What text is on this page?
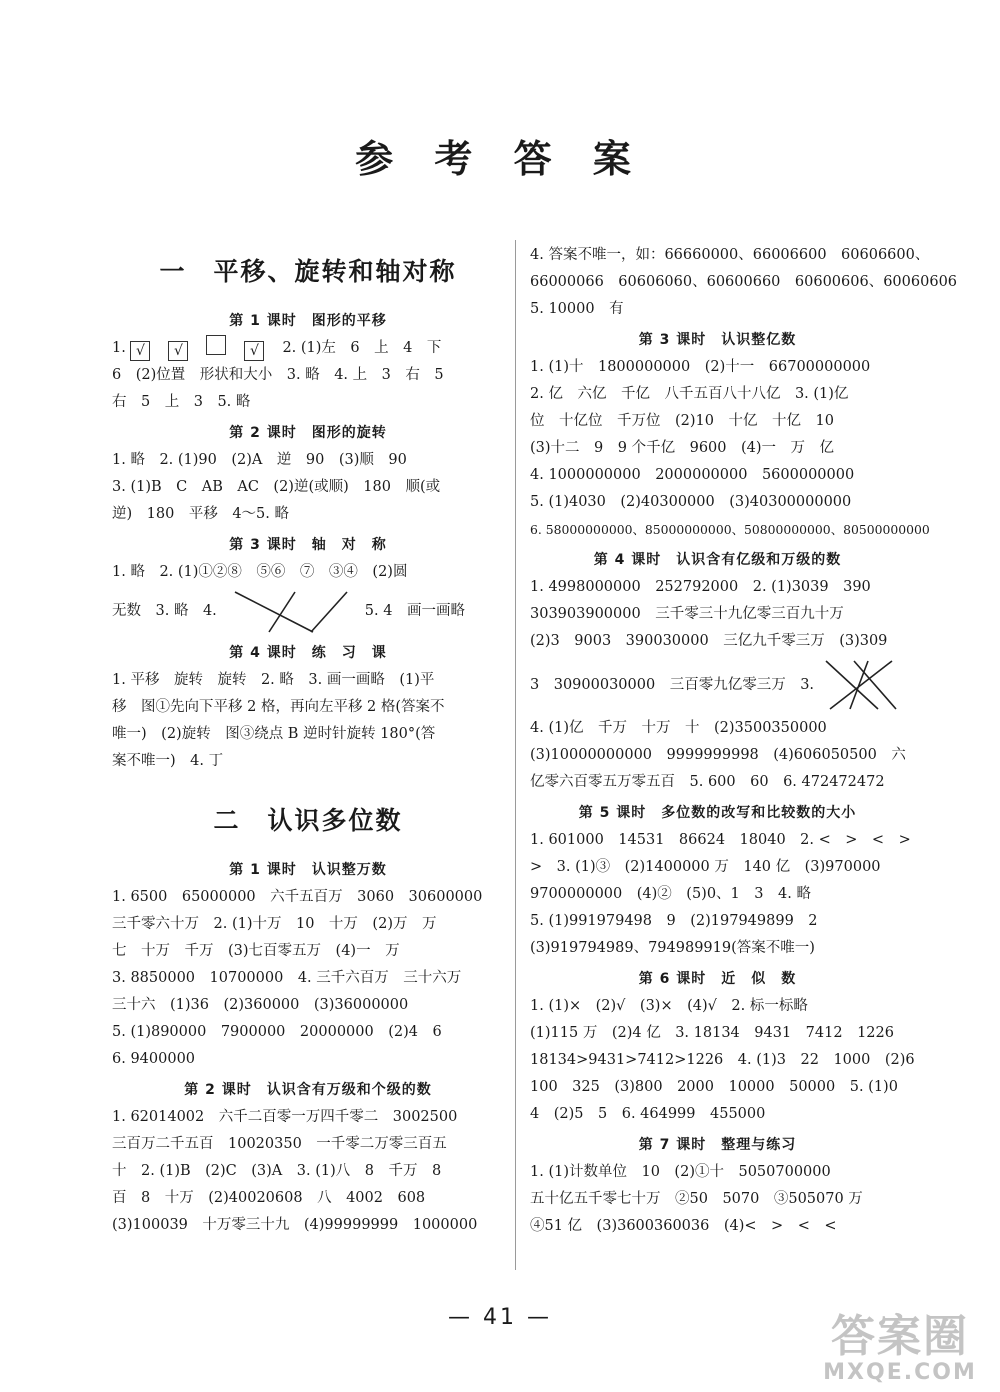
参 考 答 案
一　平移、旋转和轴对称
第 1 课时　图形的平移
1. √ √	√ 2. (1)左　6　上　4　下
6　(2)位置　形状和大小　3. 略　4. 上　3　右　5
右　5　上　3　5. 略
第 2 课时　图形的旋转
1. 略　2. (1)90　(2)A　逆　90　(3)顺　90
3. (1)B　C　AB　AC　(2)逆(或顺)　180　顺(或
逆)　180　平移　4～5. 略
第 3 课时　轴　对　称
1. 略　2. (1)①②⑧　⑤⑥　⑦　③④　(2)圆
无数　3. 略　4.	5. 4　画一画略
第 4 课时　练　习　课
1. 平移　旋转　旋转　2. 略　3. 画一画略　(1)平
移　图①先向下平移 2 格，再向左平移 2 格(答案不
唯一)　(2)旋转　图③绕点 B 逆时针旋转 180°(答
案不唯一)　4. 丁
二　认识多位数
第 1 课时　认识整万数
1. 6500　65000000　六千五百万　3060　30600000
三千零六十万　2. (1)十万　10　十万　(2)万　万
七　十万　千万　(3)七百零五万　(4)一　万
3. 8850000　10700000　4. 三千六百万　三十六万
三十六　(1)36　(2)360000　(3)36000000
5. (1)890000　7900000　20000000　(2)4　6
6. 9400000
第 2 课时　认识含有万级和个级的数
1. 62014002　六千二百零一万四千零二　3002500
三百万二千五百　10020350　一千零二万零三百五
十　2. (1)B　(2)C　(3)A　3. (1)八　8　千万　8
百　8　十万　(2)40020608　八　4002　608
(3)100039　十万零三十九　(4)99999999　1000000
4. 答案不唯一，如：66660000、66006600　60606600、
66000066　60606060、60600660　60600606、60060606
5. 10000　有
第 3 课时　认识整亿数
1. (1)十　1800000000　(2)十一　66700000000
2. 亿　六亿　千亿　八千五百八十八亿　3. (1)亿
位　十亿位　千万位　(2)10　十亿　十亿　10
(3)十二　9　9 个千亿　9600　(4)一　万　亿
4. 1000000000　2000000000　5600000000
5. (1)4030　(2)40300000　(3)40300000000
6. 58000000000、85000000000、50800000000、80500000000
第 4 课时　认识含有亿级和万级的数
1. 4998000000　252792000　2. (1)3039　390
303903900000　三千零三十九亿零三百九十万
(2)3　9003　390030000　三亿九千零三万　(3)309
3　30900030000　三百零九亿零三万　3.
4. (1)亿　千万　十万　十　(2)3500350000
(3)10000000000　9999999998　(4)606050500　六
亿零六百零五万零五百　5. 600　60　6. 472472472
第 5 课时　多位数的改写和比较数的大小
1. 601000　14531　86624　18040　2. <　>　<　>
>　3. (1)③　(2)1400000 万　140 亿　(3)970000
9700000000　(4)②　(5)0、1　3　4. 略
5. (1)991979498　9　(2)197949899　2
(3)919794989、794989919(答案不唯一)
第 6 课时　近　似　数
1. (1)×　(2)√　(3)×　(4)√　2. 标一标略
(1)115 万　(2)4 亿　3. 18134　9431　7412　1226
18134>9431>7412>1226　4. (1)3　22　1000　(2)6
100　325　(3)800　2000　10000　50000　5. (1)0
4　(2)5　5　6. 464999　455000
第 7 课时　整理与练习
1. (1)计数单位　10　(2)①十　5050700000
五十亿五千零七十万　②50　5070　③505070 万
④51 亿　(3)3600360036　(4)<　>　<　<
— 41 —	答案圈
MXQE.COM
